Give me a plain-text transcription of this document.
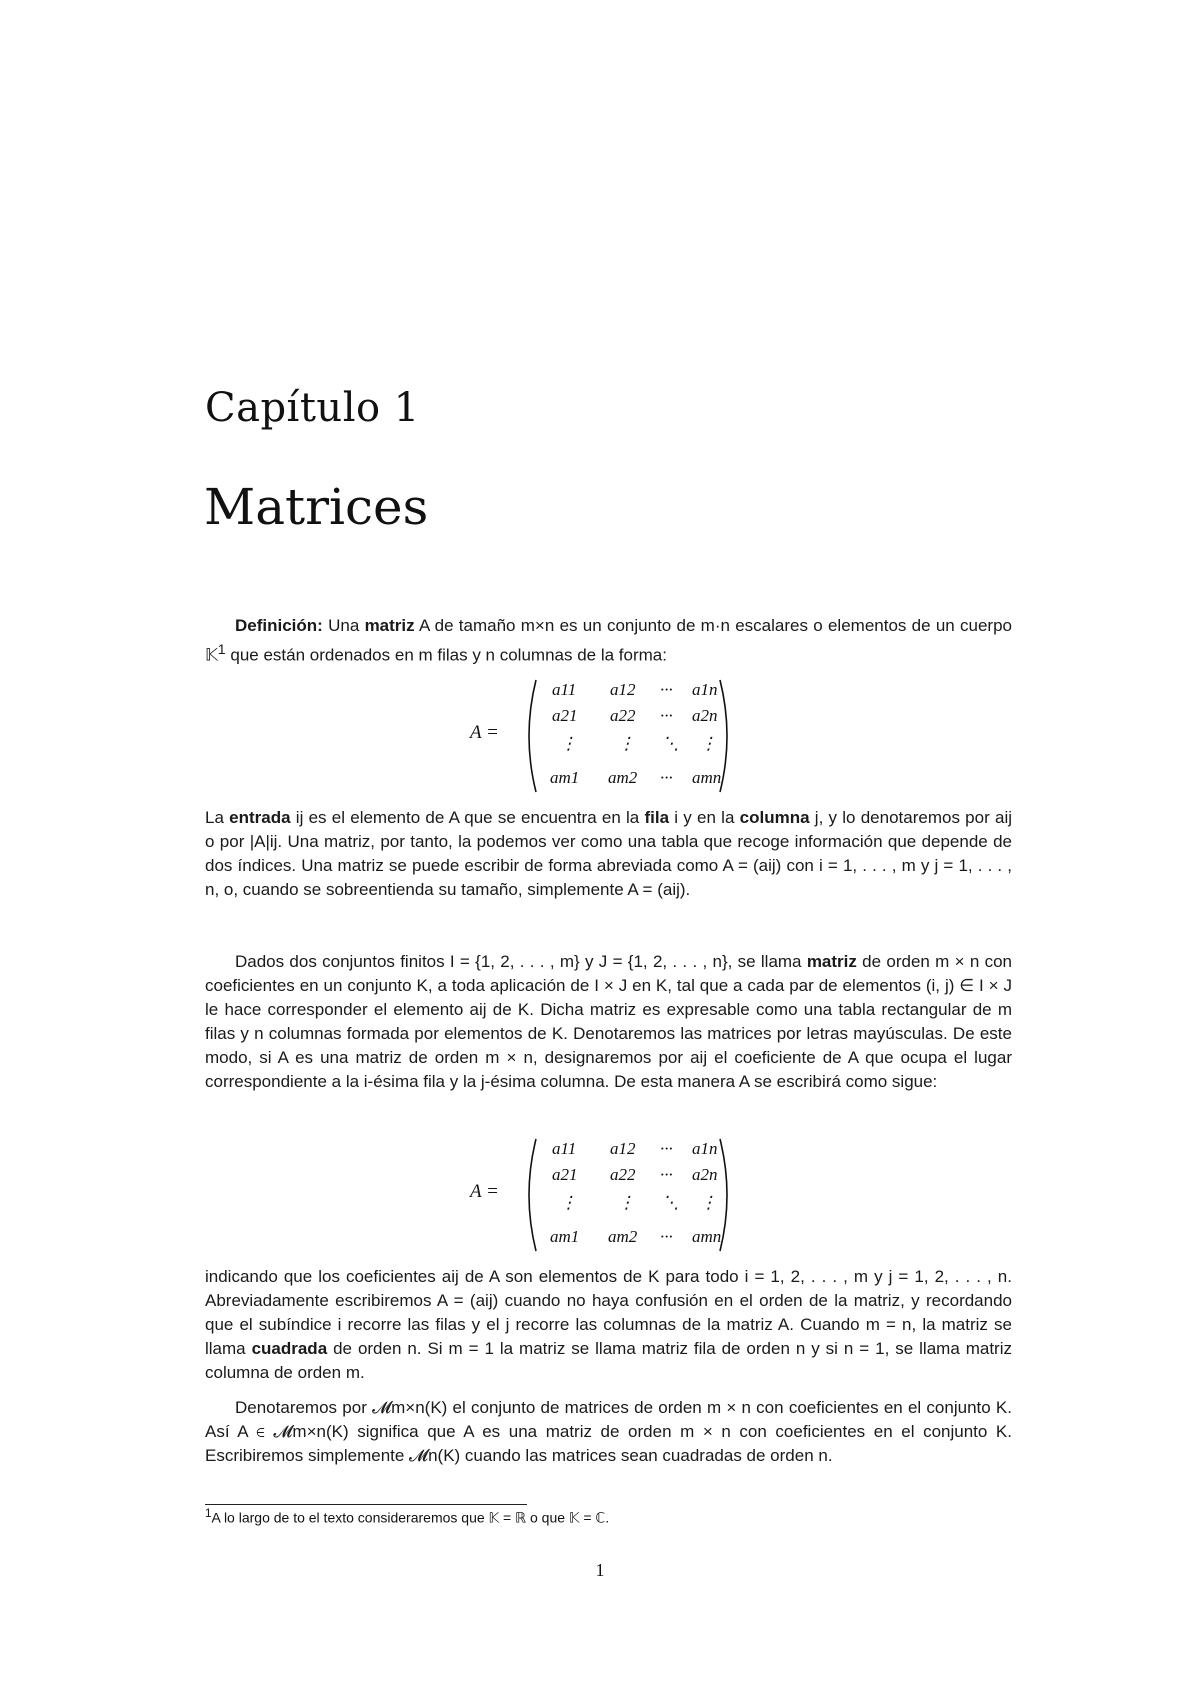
Capítulo 1
Matrices
Definición: Una matriz A de tamaño m×n es un conjunto de m·n escalares o elementos de un cuerpo 𝕂$^1$ que están ordenados en m filas y n columnas de la forma:
A =
a11 a12 ··· a1n
a21 a22 ··· a2n
⋮ ⋮ ⋱ ⋮
am1 am2 ··· amn
La entrada ij es el elemento de A que se encuentra en la fila i y en la columna j, y lo denotaremos por aij o por |A|ij. Una matriz, por tanto, la podemos ver como una tabla que recoge información que depende de dos índices. Una matriz se puede escribir de forma abreviada como A = (aij) con i = 1, . . . , m y j = 1, . . . , n, o, cuando se sobreentienda su tamaño, simplemente A = (aij).
Dados dos conjuntos finitos I = {1, 2, . . . , m} y J = {1, 2, . . . , n}, se llama matriz de orden m × n con coeficientes en un conjunto K, a toda aplicación de I × J en K, tal que a cada par de elementos (i, j) ∈ I × J le hace corresponder el elemento aij de K. Dicha matriz es expresable como una tabla rectangular de m filas y n columnas formada por elementos de K. Denotaremos las matrices por letras mayúsculas. De este modo, si A es una matriz de orden m × n, designaremos por aij el coeficiente de A que ocupa el lugar correspondiente a la i-ésima fila y la j-ésima columna. De esta manera A se escribirá como sigue:
A =
a11 a12 ··· a1n
a21 a22 ··· a2n
⋮ ⋮ ⋱ ⋮
am1 am2 ··· amn
indicando que los coeficientes aij de A son elementos de K para todo i = 1, 2, . . . , m y j = 1, 2, . . . , n. Abreviadamente escribiremos A = (aij) cuando no haya confusión en el orden de la matriz, y recordando que el subíndice i recorre las filas y el j recorre las columnas de la matriz A. Cuando m = n, la matriz se llama cuadrada de orden n. Si m = 1 la matriz se llama matriz fila de orden n y si n = 1, se llama matriz columna de orden m.
Denotaremos por 𝓜m×n(K) el conjunto de matrices de orden m × n con coeficientes en el conjunto K. Así A ∈ 𝓜m×n(K) significa que A es una matriz de orden m × n con coeficientes en el conjunto K. Escribiremos simplemente 𝓜n(K) cuando las matrices sean cuadradas de orden n.
$^1$A lo largo de to el texto consideraremos que 𝕂 = ℝ o que 𝕂 = ℂ.
1
